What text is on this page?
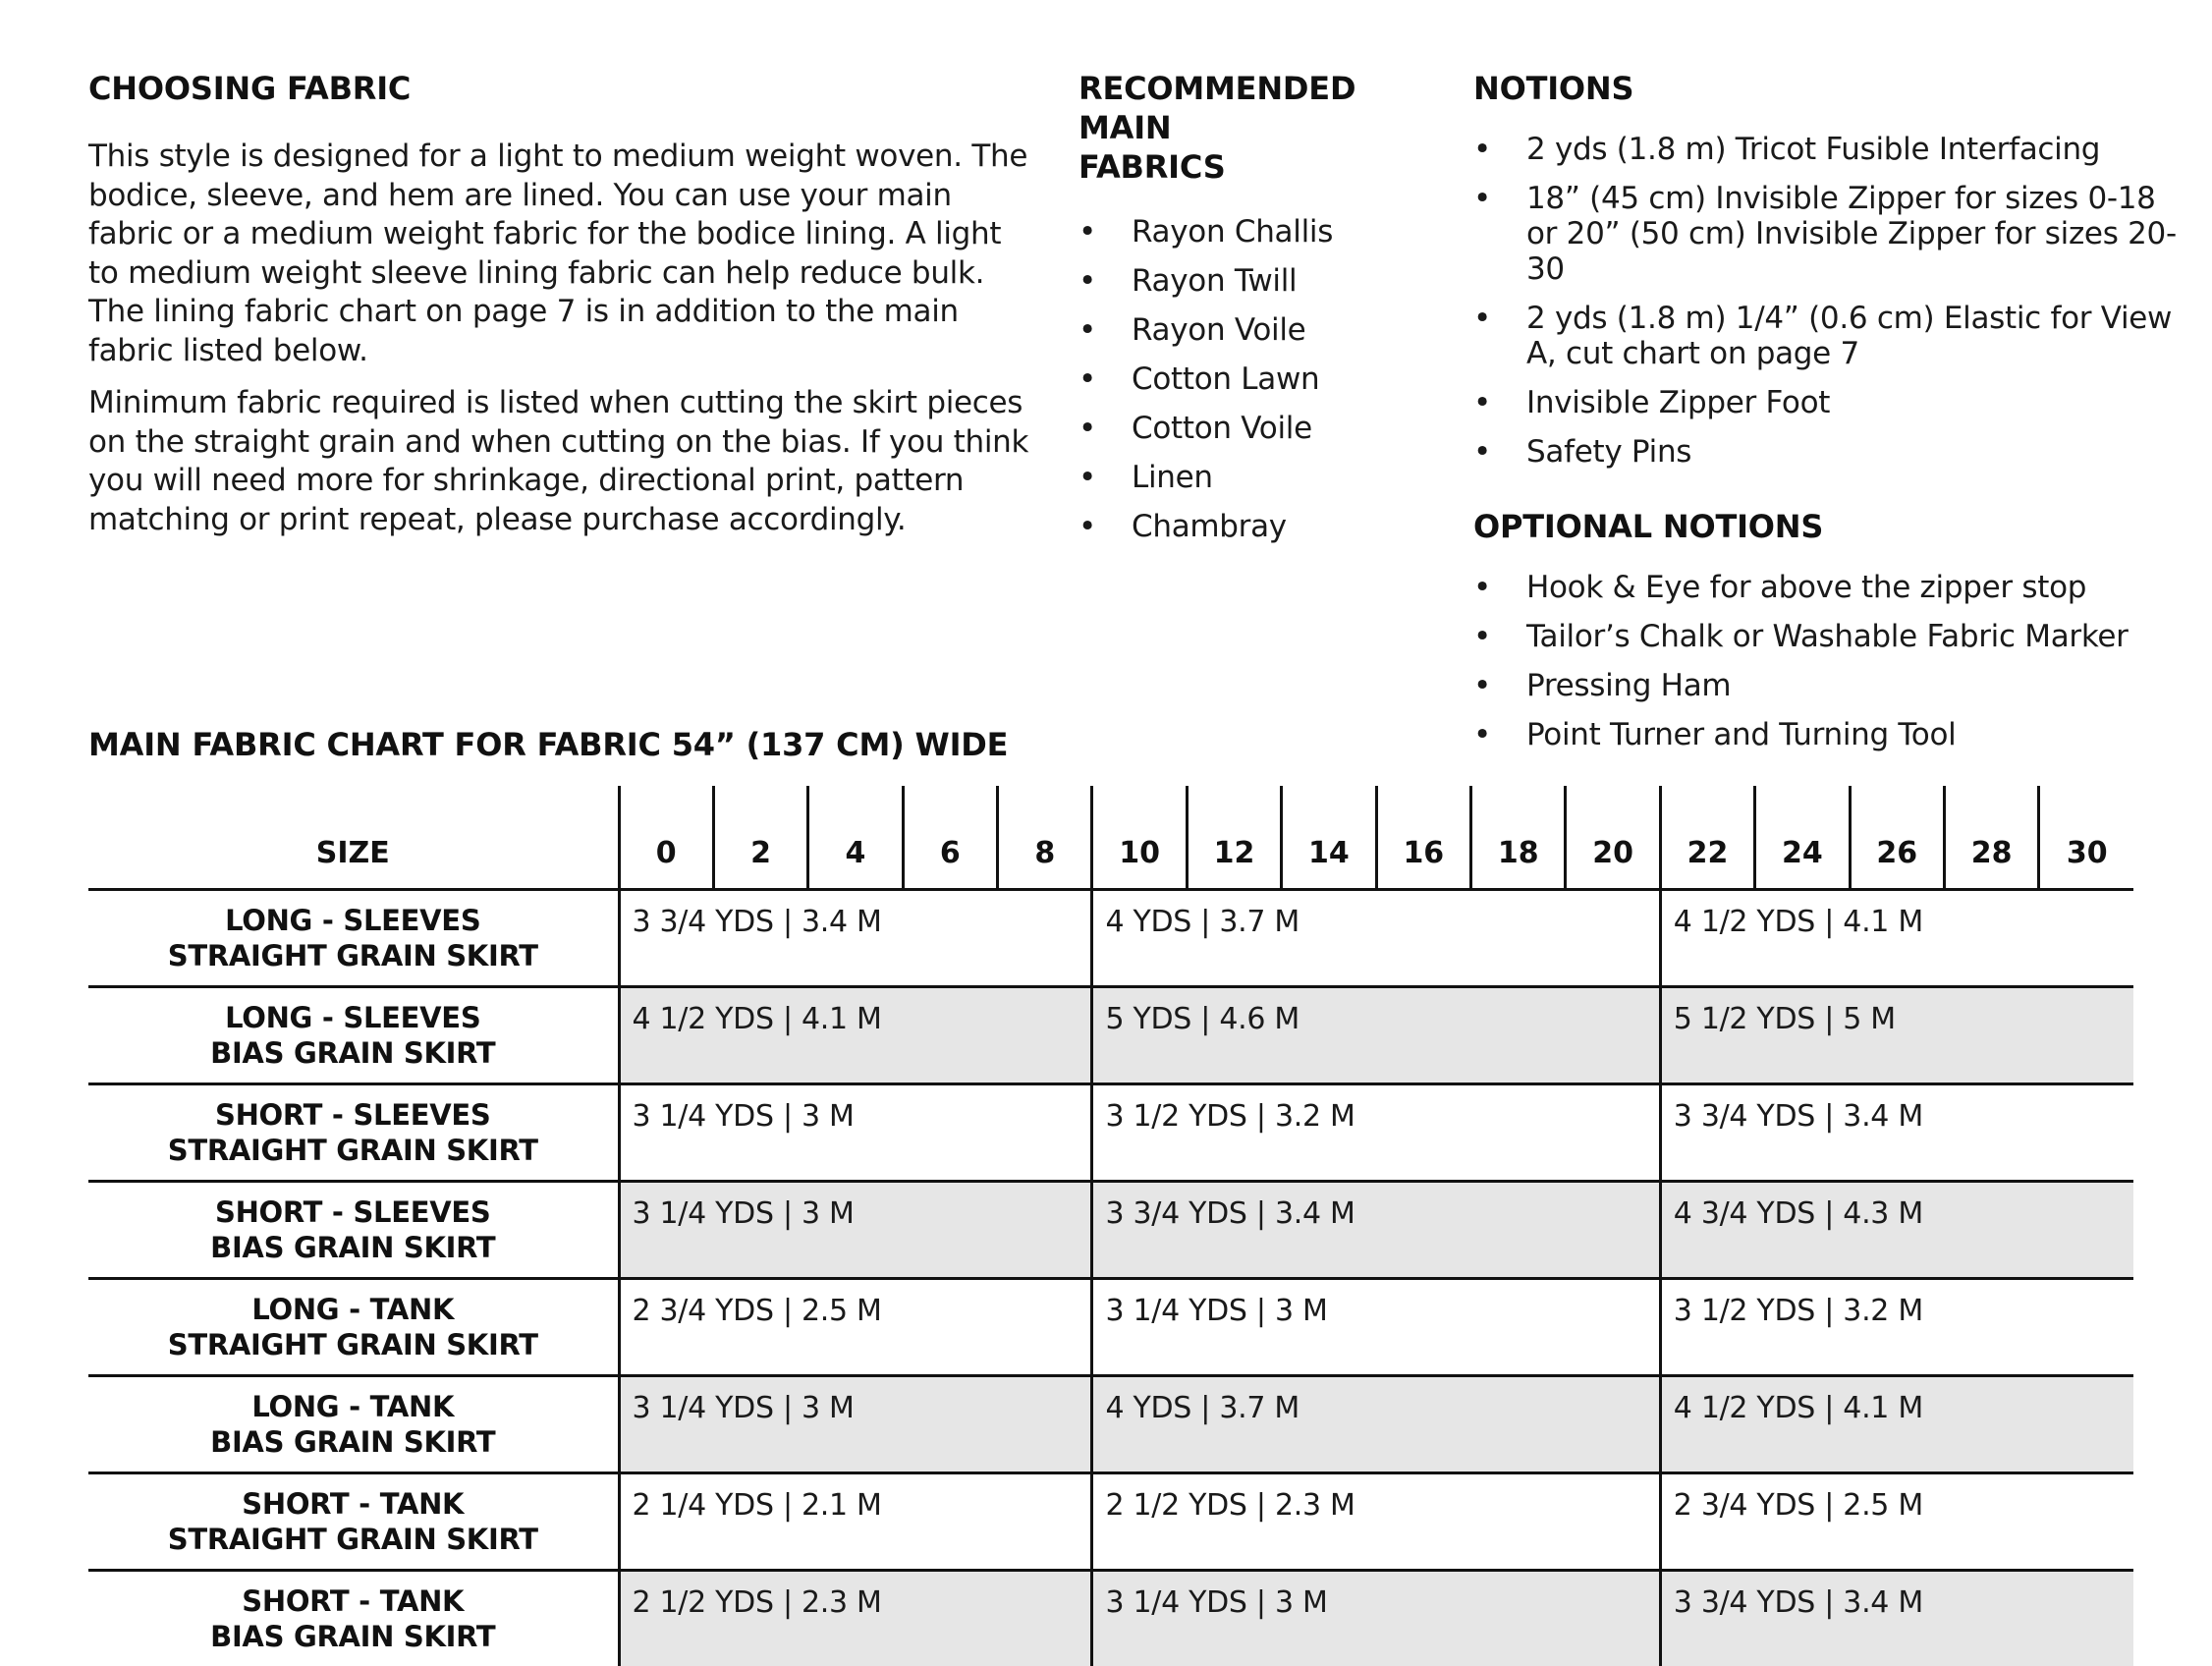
CHOOSING FABRIC

This style is designed for a light to medium weight woven. The bodice, sleeve, and hem are lined. You can use your main fabric or a medium weight fabric for the bodice lining. A light to medium weight sleeve lining fabric can help reduce bulk. The lining fabric chart on page 7 is in addition to the main fabric listed below.

Minimum fabric required is listed when cutting the skirt pieces on the straight grain and when cutting on the bias. If you think you will need more for shrinkage, directional print, pattern matching or print repeat, please purchase accordingly.

RECOMMENDED MAIN
FABRICS
• Rayon Challis
• Rayon Twill
• Rayon Voile
• Cotton Lawn
• Cotton Voile
• Linen
• Chambray
NOTIONS
• 2 yds (1.8 m) Tricot Fusible Interfacing
• 18” (45 cm) Invisible Zipper for sizes 0-18 or 20” (50 cm) Invisible Zipper for sizes 20-30
• 2 yds (1.8 m) 1/4” (0.6 cm) Elastic for View A, cut chart on page 7
• Invisible Zipper Foot
• Safety Pins
OPTIONAL NOTIONS
• Hook & Eye for above the zipper stop
• Tailor’s Chalk or Washable Fabric Marker
• Pressing Ham
• Point Turner and Turning Tool
MAIN FABRIC CHART FOR FABRIC 54” (137 CM) WIDE
SIZE	0	2	4	6	8	10	12	14	16	18	20	22	24	26	28	30

LONG - SLEEVES
STRAIGHT GRAIN SKIRT	3 3/4 YDS | 3.4 M					4 YDS | 3.7 M						4 1/2 YDS | 4.1 M				

LONG - SLEEVES
BIAS GRAIN SKIRT	4 1/2 YDS | 4.1 M					5 YDS | 4.6 M						5 1/2 YDS | 5 M				

SHORT - SLEEVES
STRAIGHT GRAIN SKIRT	3 1/4 YDS | 3 M					3 1/2 YDS | 3.2 M						3 3/4 YDS | 3.4 M				

SHORT - SLEEVES
BIAS GRAIN SKIRT	3 1/4 YDS | 3 M					3 3/4 YDS | 3.4 M						4 3/4 YDS | 4.3 M				

LONG - TANK
STRAIGHT GRAIN SKIRT	2 3/4 YDS | 2.5 M					3 1/4 YDS | 3 M						3 1/2 YDS | 3.2 M				

LONG - TANK
BIAS GRAIN SKIRT	3 1/4 YDS | 3 M					4 YDS | 3.7 M						4 1/2 YDS | 4.1 M				

SHORT - TANK
STRAIGHT GRAIN SKIRT	2 1/4 YDS | 2.1 M					2 1/2 YDS | 2.3 M						2 3/4 YDS | 2.5 M				

SHORT - TANK
BIAS GRAIN SKIRT	2 1/2 YDS | 2.3 M					3 1/4 YDS | 3 M						3 3/4 YDS | 3.4 M				
